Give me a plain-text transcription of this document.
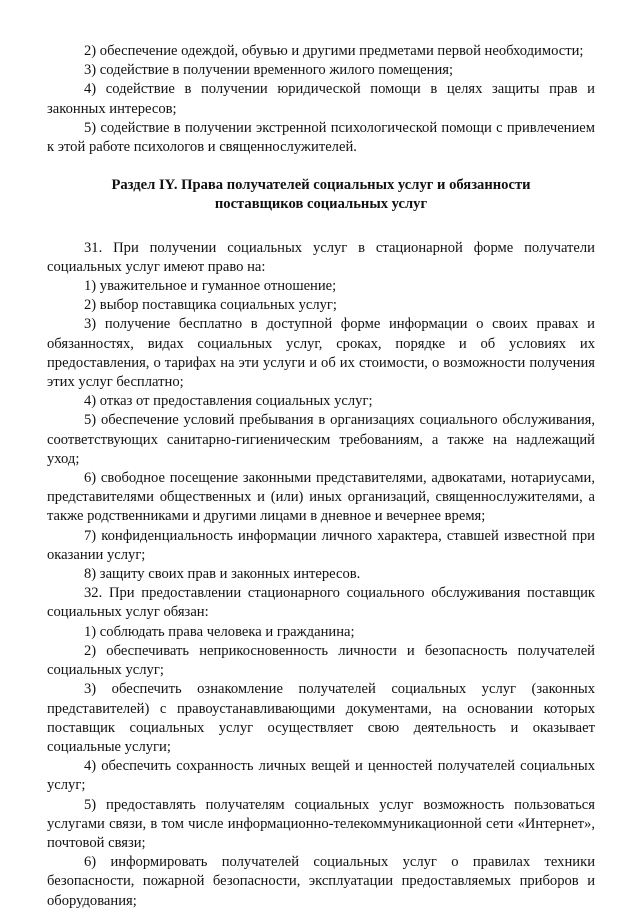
2) обеспечение одеждой, обувью и другими предметами первой необходимости;

3) содействие в получении временного жилого помещения;

4) содействие в получении юридической помощи в целях защиты прав и законных интересов;

5) содействие в получении экстренной психологической помощи с привлечением к этой работе психологов и священнослужителей.

Раздел IY. Права получателей социальных услуг и обязанности
поставщиков социальных услуг

31. При получении социальных услуг в стационарной форме получатели социальных услуг имеют право на:

1) уважительное и гуманное отношение;

2) выбор поставщика социальных услуг;

3) получение бесплатно в доступной форме информации о своих правах и обязанностях, видах социальных услуг, сроках, порядке и об условиях их предоставления, о тарифах на эти услуги и об их стоимости, о возможности получения этих услуг бесплатно;

4) отказ от предоставления социальных услуг;

5) обеспечение условий пребывания в организациях социального обслуживания, соответствующих санитарно-гигиеническим требованиям, а также на надлежащий уход;

6) свободное посещение законными представителями, адвокатами, нотариусами, представителями общественных и (или) иных организаций, священнослужителями, а также родственниками и другими лицами в дневное и вечернее время;

7) конфиденциальность информации личного характера, ставшей известной при оказании услуг;

8) защиту своих прав и законных интересов.

32. При предоставлении стационарного социального обслуживания поставщик социальных услуг обязан:

1) соблюдать права человека и гражданина;

2) обеспечивать неприкосновенность личности и безопасность получателей социальных услуг;

3) обеспечить ознакомление получателей социальных услуг (законных представителей) с правоустанавливающими документами, на основании которых поставщик социальных услуг осуществляет свою деятельность и оказывает социальные услуги;

4) обеспечить сохранность личных вещей и ценностей получателей социальных услуг;

5) предоставлять получателям социальных услуг возможность пользоваться услугами связи, в том числе информационно-телекоммуникационной сети «Интернет», почтовой связи;

6) информировать получателей социальных услуг о правилах техники безопасности, пожарной безопасности, эксплуатации предоставляемых приборов и оборудования;
